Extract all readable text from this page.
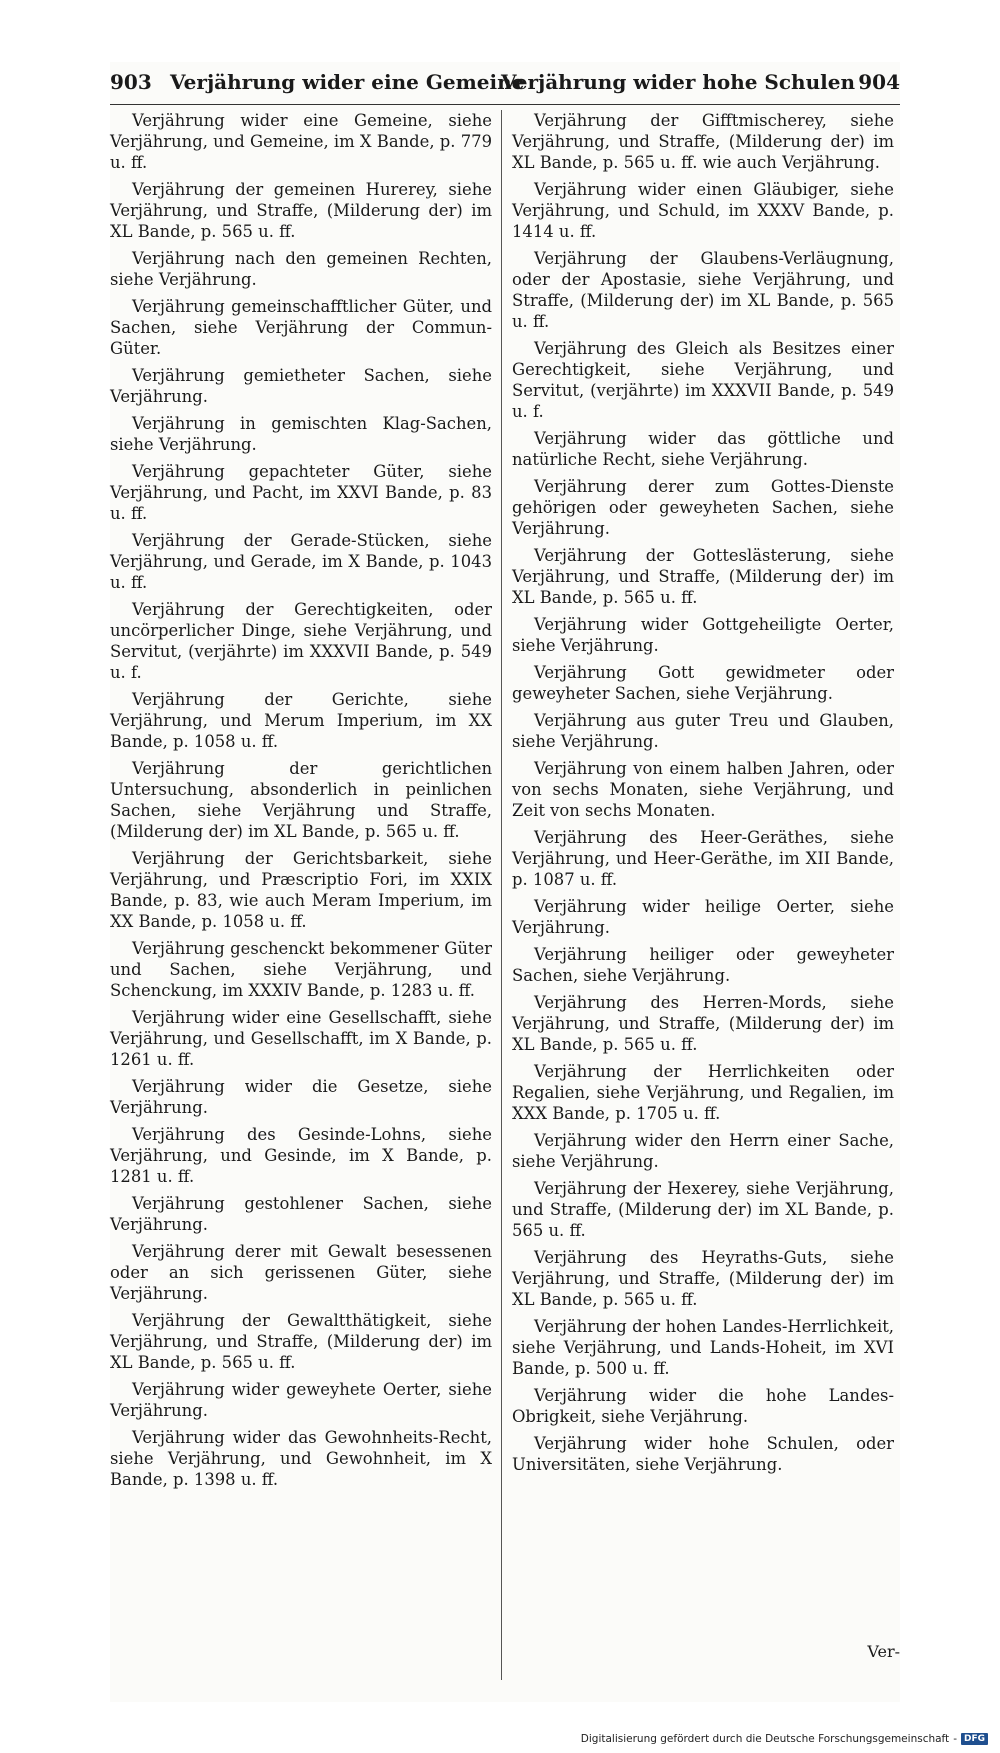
903 Verjährung wider eine Gemeine
Verjährung wider hohe Schulen 904

Verjährung wider eine Gemeine, siehe Verjährung, und Gemeine, im X Bande, p. 779 u. ff.

Verjährung der gemeinen Hurerey, siehe Verjährung, und Straffe, (Milderung der) im XL Bande, p. 565 u. ff.

Verjährung nach den gemeinen Rechten, siehe Verjährung.

Verjährung gemeinschafftlicher Güter, und Sachen, siehe Verjährung der Commun-Güter.

Verjährung gemietheter Sachen, siehe Verjährung.

Verjährung in gemischten Klag-Sachen, siehe Verjährung.

Verjährung gepachteter Güter, siehe Verjährung, und Pacht, im XXVI Bande, p. 83 u. ff.

Verjährung der Gerade-Stücken, siehe Verjährung, und Gerade, im X Bande, p. 1043 u. ff.

Verjährung der Gerechtigkeiten, oder uncörperlicher Dinge, siehe Verjährung, und Servitut, (verjährte) im XXXVII Bande, p. 549 u. f.

Verjährung der Gerichte, siehe Verjährung, und Merum Imperium, im XX Bande, p. 1058 u. ff.

Verjährung der gerichtlichen Untersuchung, absonderlich in peinlichen Sachen, siehe Verjährung und Straffe, (Milderung der) im XL Bande, p. 565 u. ff.

Verjährung der Gerichtsbarkeit, siehe Verjährung, und Præscriptio Fori, im XXIX Bande, p. 83, wie auch Meram Imperium, im XX Bande, p. 1058 u. ff.

Verjährung geschenckt bekommener Güter und Sachen, siehe Verjährung, und Schenckung, im XXXIV Bande, p. 1283 u. ff.

Verjährung wider eine Gesellschafft, siehe Verjährung, und Gesellschafft, im X Bande, p. 1261 u. ff.

Verjährung wider die Gesetze, siehe Verjährung.

Verjährung des Gesinde-Lohns, siehe Verjährung, und Gesinde, im X Bande, p. 1281 u. ff.

Verjährung gestohlener Sachen, siehe Verjährung.

Verjährung derer mit Gewalt besessenen oder an sich gerissenen Güter, siehe Verjährung.

Verjährung der Gewaltthätigkeit, siehe Verjährung, und Straffe, (Milderung der) im XL Bande, p. 565 u. ff.

Verjährung wider geweyhete Oerter, siehe Verjährung.

Verjährung wider das Gewohnheits-Recht, siehe Verjährung, und Gewohnheit, im X Bande, p. 1398 u. ff.

Verjährung der Gifftmischerey, siehe Verjährung, und Straffe, (Milderung der) im XL Bande, p. 565 u. ff. wie auch Verjährung.

Verjährung wider einen Gläubiger, siehe Verjährung, und Schuld, im XXXV Bande, p. 1414 u. ff.

Verjährung der Glaubens-Verläugnung, oder der Apostasie, siehe Verjährung, und Straffe, (Milderung der) im XL Bande, p. 565 u. ff.

Verjährung des Gleich als Besitzes einer Gerechtigkeit, siehe Verjährung, und Servitut, (verjährte) im XXXVII Bande, p. 549 u. f.

Verjährung wider das göttliche und natürliche Recht, siehe Verjährung.

Verjährung derer zum Gottes-Dienste gehörigen oder geweyheten Sachen, siehe Verjährung.

Verjährung der Gotteslästerung, siehe Verjährung, und Straffe, (Milderung der) im XL Bande, p. 565 u. ff.

Verjährung wider Gottgeheiligte Oerter, siehe Verjährung.

Verjährung Gott gewidmeter oder geweyheter Sachen, siehe Verjährung.

Verjährung aus guter Treu und Glauben, siehe Verjährung.

Verjährung von einem halben Jahren, oder von sechs Monaten, siehe Verjährung, und Zeit von sechs Monaten.

Verjährung des Heer-Geräthes, siehe Verjährung, und Heer-Geräthe, im XII Bande, p. 1087 u. ff.

Verjährung wider heilige Oerter, siehe Verjährung.

Verjährung heiliger oder geweyheter Sachen, siehe Verjährung.

Verjährung des Herren-Mords, siehe Verjährung, und Straffe, (Milderung der) im XL Bande, p. 565 u. ff.

Verjährung der Herrlichkeiten oder Regalien, siehe Verjährung, und Regalien, im XXX Bande, p. 1705 u. ff.

Verjährung wider den Herrn einer Sache, siehe Verjährung.

Verjährung der Hexerey, siehe Verjährung, und Straffe, (Milderung der) im XL Bande, p. 565 u. ff.

Verjährung des Heyraths-Guts, siehe Verjährung, und Straffe, (Milderung der) im XL Bande, p. 565 u. ff.

Verjährung der hohen Landes-Herrlichkeit, siehe Verjährung, und Lands-Hoheit, im XVI Bande, p. 500 u. ff.

Verjährung wider die hohe Landes-Obrigkeit, siehe Verjährung.

Verjährung wider hohe Schulen, oder Universitäten, siehe Verjährung.

Ver-
Digitalisierung gefördert durch die Deutsche Forschungsgemeinschaft - DFG
